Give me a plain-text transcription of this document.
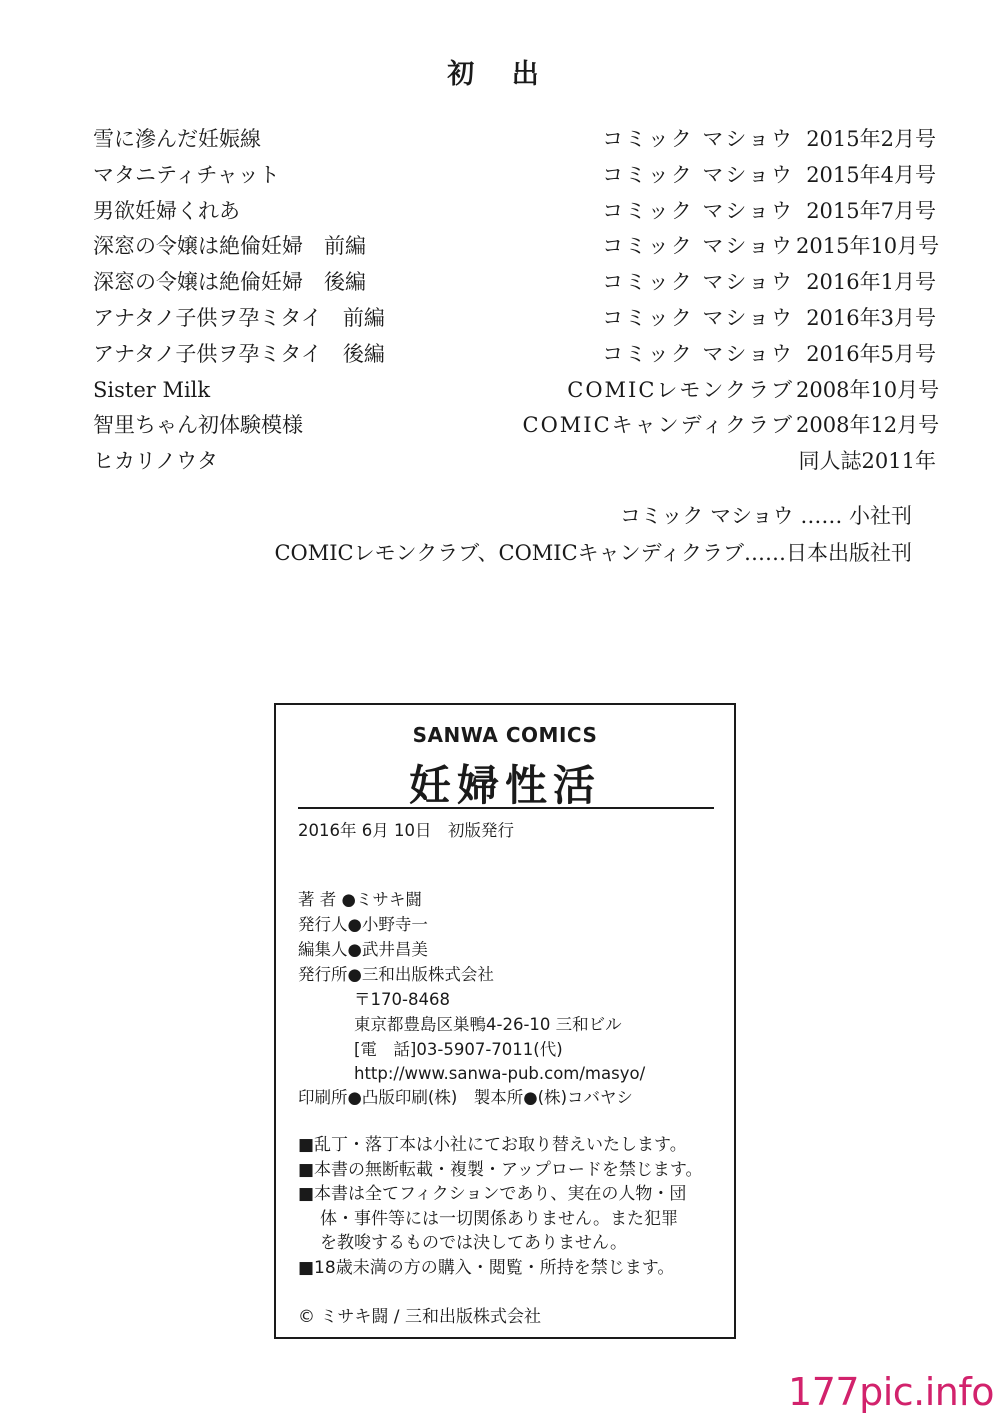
初 出
雪に滲んだ妊娠線	コミック マショウ 2015年2月号
マタニティチャット	コミック マショウ 2015年4月号
男欲妊婦くれあ	コミック マショウ 2015年7月号
深窓の令嬢は絶倫妊婦　前編	コミック マショウ 2015年10月号
深窓の令嬢は絶倫妊婦　後編	コミック マショウ 2016年1月号
アナタノ子供ヲ孕ミタイ　前編	コミック マショウ 2016年3月号
アナタノ子供ヲ孕ミタイ　後編	コミック マショウ 2016年5月号
Sister Milk	COMICレモンクラブ 2008年10月号
智里ちゃん初体験模様	COMICキャンディクラブ 2008年12月号
ヒカリノウタ	同人誌2011年
コミック マショウ …… 小社刊
COMICレモンクラブ、COMICキャンディクラブ……日本出版社刊
SANWA COMICS
妊婦性活
2016年 6月 10日　初版発行
著 者 ●ミサキ闘
発行人●小野寺一
編集人●武井昌美
発行所●三和出版株式会社
〒170-8468
東京都豊島区巣鴨4-26-10 三和ビル
[電　話]03-5907-7011(代)
http://www.sanwa-pub.com/masyo/
印刷所●凸版印刷(株)　製本所●(株)コバヤシ
■乱丁・落丁本は小社にてお取り替えいたします。
■本書の無断転載・複製・アップロードを禁じます。
■本書は全てフィクションであり、実在の人物・団
体・事件等には一切関係ありません。また犯罪
を教唆するものでは決してありません。
■18歳未満の方の購入・閲覧・所持を禁じます。
© ミサキ闘 / 三和出版株式会社
177pic.info
